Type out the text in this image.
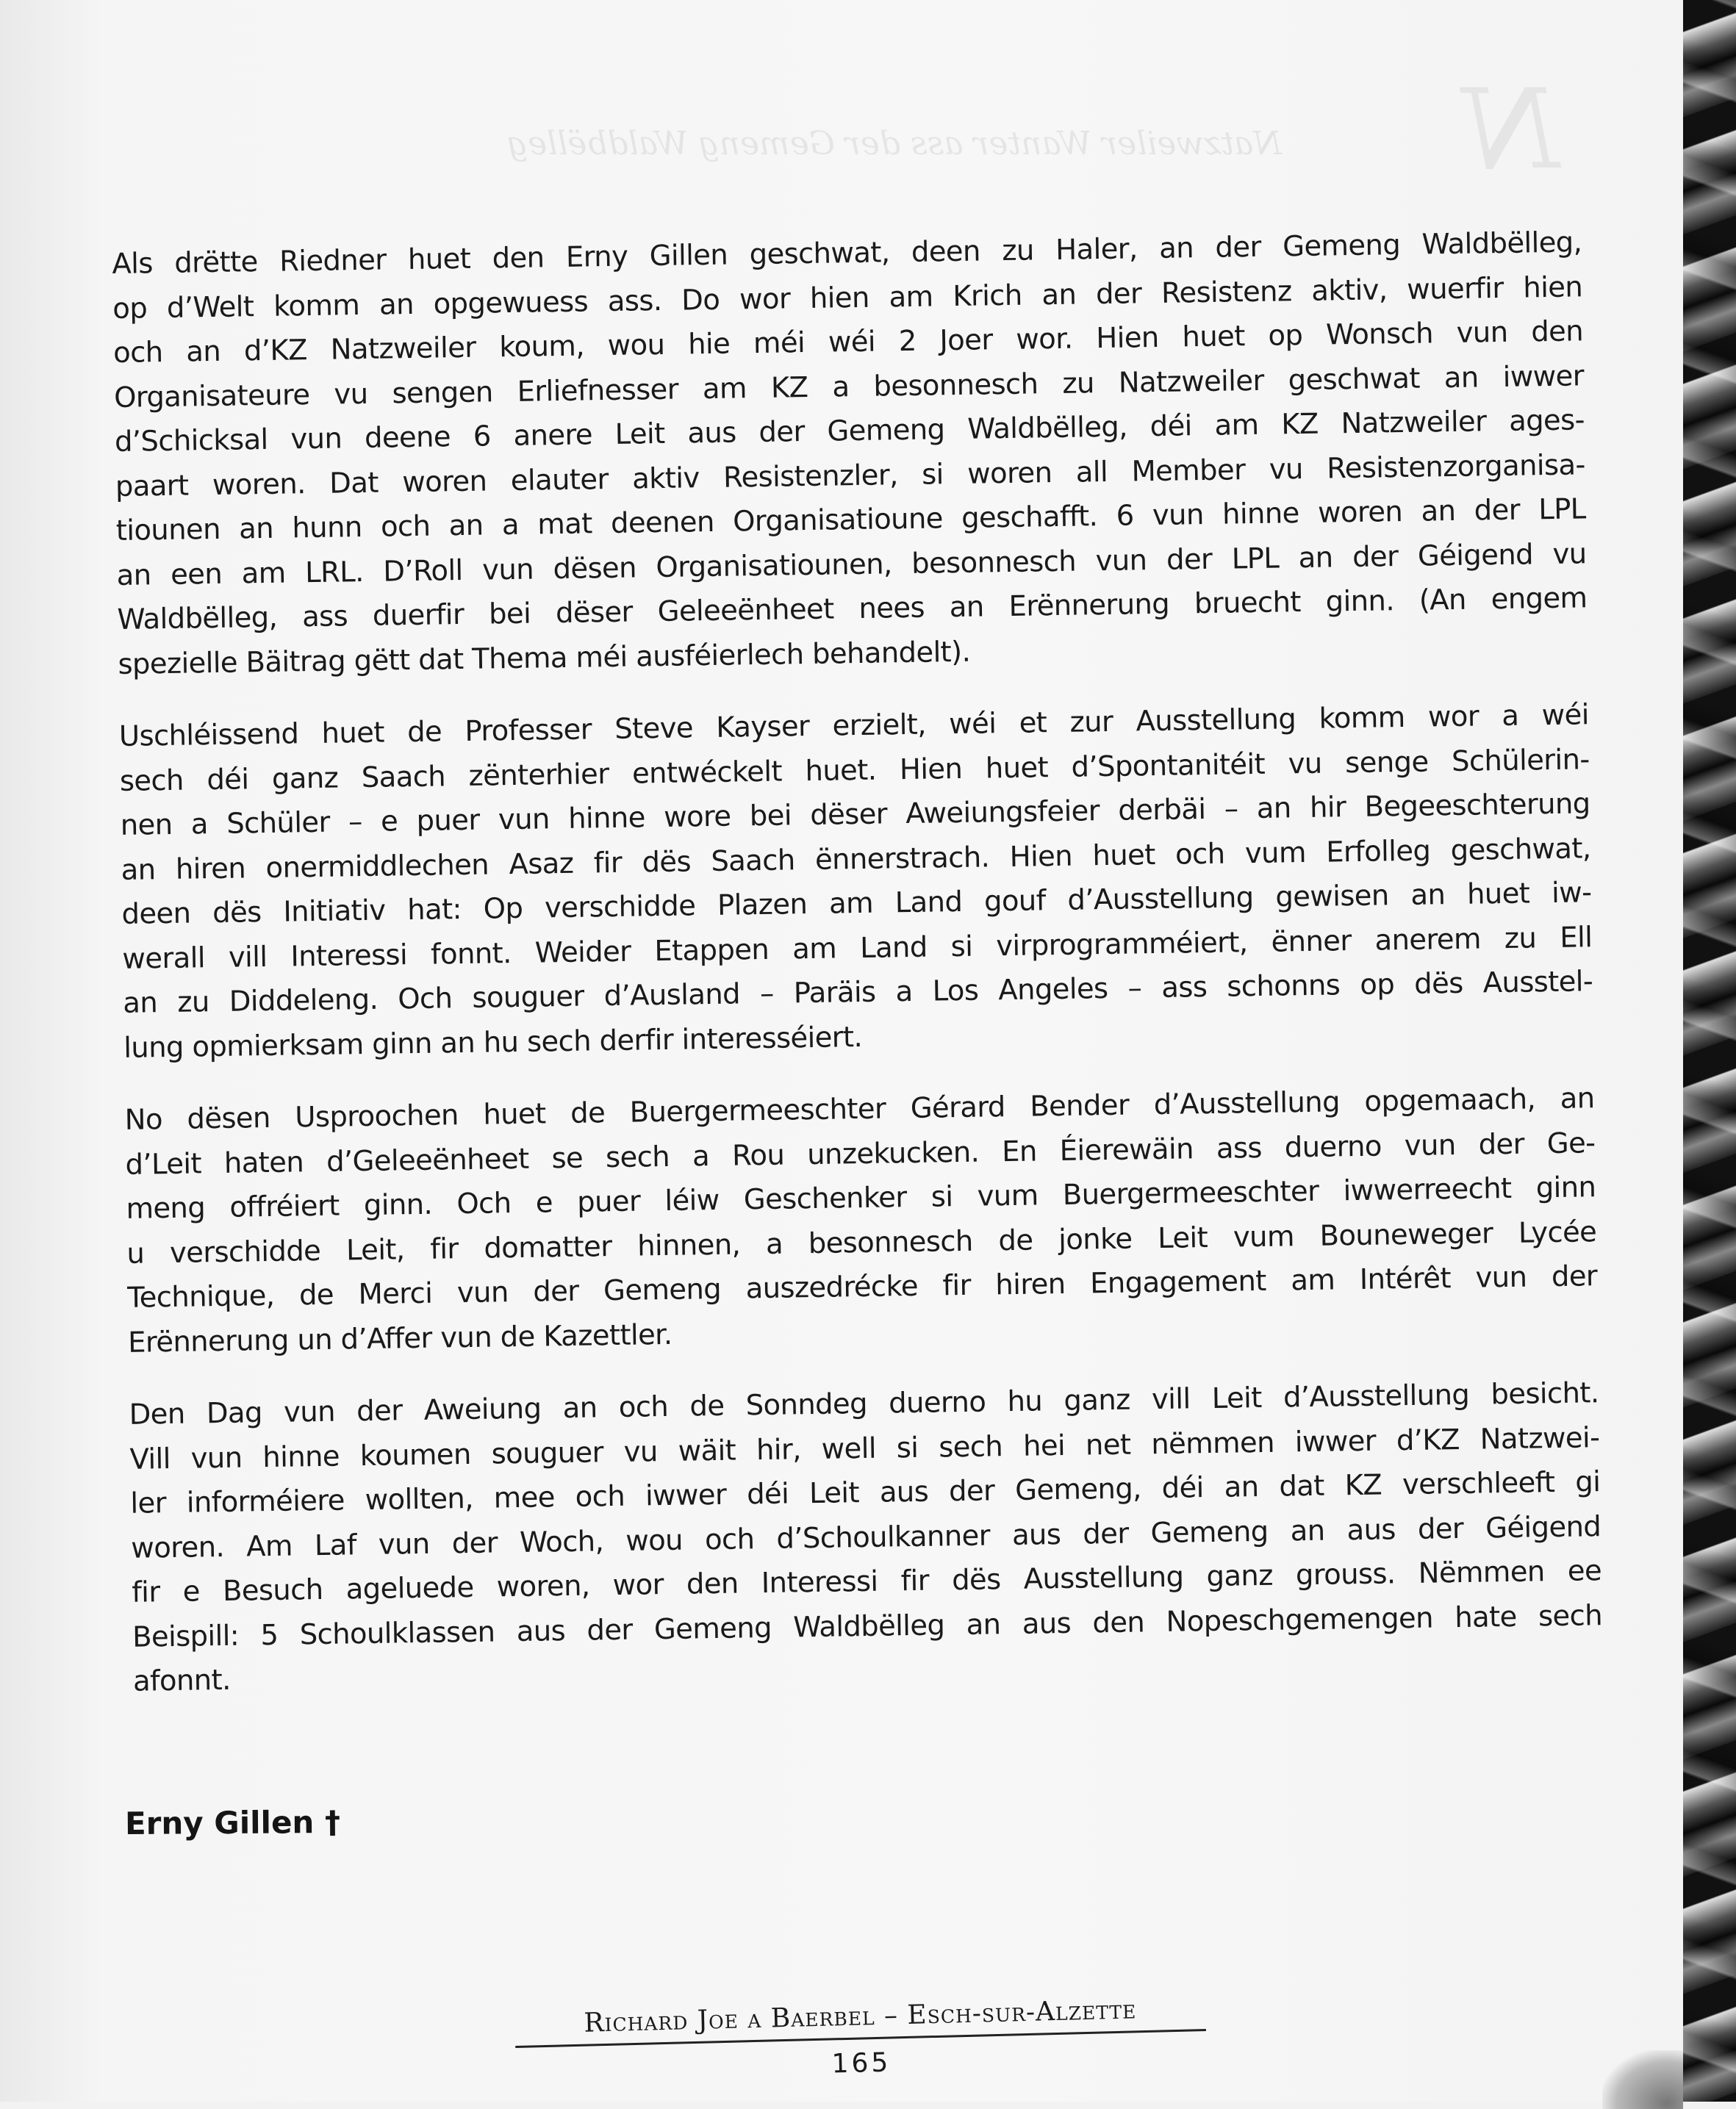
N
Natzweiler Wanter ass der Gemeng Waldbëlleg

Als drëtte Riedner huet den Erny Gillen geschwat, deen zu Haler, an der Gemeng Waldbëlleg,
op d’Welt komm an opgewuess ass. Do wor hien am Krich an der Resistenz aktiv, wuerfir hien
och an d’KZ Natzweiler koum, wou hie méi wéi 2 Joer wor. Hien huet op Wonsch vun den
Organisateure vu sengen Erliefnesser am KZ a besonnesch zu Natzweiler geschwat an iwwer
d’Schicksal vun deene 6 anere Leit aus der Gemeng Waldbëlleg, déi am KZ Natzweiler ages-
paart woren. Dat woren elauter aktiv Resistenzler, si woren all Member vu Resistenzorganisa-
tiounen an hunn och an a mat deenen Organisatioune geschafft. 6 vun hinne woren an der LPL
an een am LRL. D’Roll vun dësen Organisatiounen, besonnesch vun der LPL an der Géigend vu
Waldbëlleg, ass duerfir bei dëser Geleeënheet nees an Erënnerung bruecht ginn. (An engem
spezielle Bäitrag gëtt dat Thema méi ausféierlech behandelt).

Uschléissend huet de Professer Steve Kayser erzielt, wéi et zur Ausstellung komm wor a wéi
sech déi ganz Saach zënterhier entwéckelt huet. Hien huet d’Spontanitéit vu senge Schülerin-
nen a Schüler – e puer vun hinne wore bei dëser Aweiungsfeier derbäi – an hir Begeeschterung
an hiren onermiddlechen Asaz fir dës Saach ënnerstrach. Hien huet och vum Erfolleg geschwat,
deen dës Initiativ hat: Op verschidde Plazen am Land gouf d’Ausstellung gewisen an huet iw-
werall vill Interessi fonnt. Weider Etappen am Land si virprogramméiert, ënner anerem zu Ell
an zu Diddeleng. Och souguer d’Ausland – Paräis a Los Angeles – ass schonns op dës Ausstel-
lung opmierksam ginn an hu sech derfir interesséiert.

No dësen Usproochen huet de Buergermeeschter Gérard Bender d’Ausstellung opgemaach, an
d’Leit haten d’Geleeënheet se sech a Rou unzekucken. En Éierewäin ass duerno vun der Ge-
meng offréiert ginn. Och e puer léiw Geschenker si vum Buergermeeschter iwwerreecht ginn
u verschidde Leit, fir domatter hinnen, a besonnesch de jonke Leit vum Bouneweger Lycée
Technique, de Merci vun der Gemeng auszedrécke fir hiren Engagement am Intérêt vun der
Erënnerung un d’Affer vun de Kazettler.

Den Dag vun der Aweiung an och de Sonndeg duerno hu ganz vill Leit d’Ausstellung besicht.
Vill vun hinne koumen souguer vu wäit hir, well si sech hei net nëmmen iwwer d’KZ Natzwei-
ler informéiere wollten, mee och iwwer déi Leit aus der Gemeng, déi an dat KZ verschleeft gi
woren. Am Laf vun der Woch, wou och d’Schoulkanner aus der Gemeng an aus der Géigend
fir e Besuch ageluede woren, wor den Interessi fir dës Ausstellung ganz grouss. Nëmmen ee
Beispill: 5 Schoulklassen aus der Gemeng Waldbëlleg an aus den Nopeschgemengen hate sech
afonnt.

Erny Gillen †
Richard Joe a Baerbel – Esch-sur-Alzette
165
